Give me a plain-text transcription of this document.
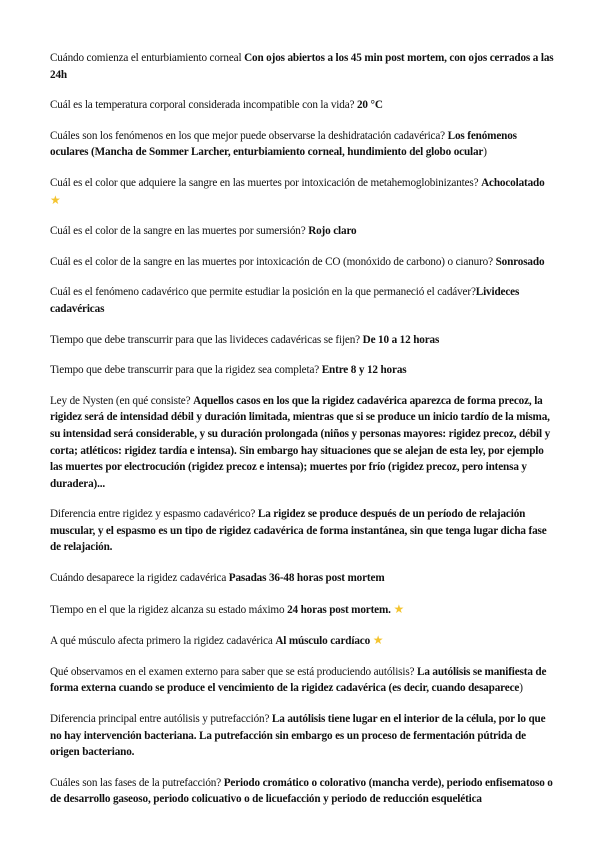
Cuándo comienza el enturbiamiento corneal Con ojos abiertos a los 45 min post mortem, con ojos cerrados a las 24h

Cuál es la temperatura corporal considerada incompatible con la vida? 20 °C

Cuáles son los fenómenos en los que mejor puede observarse la deshidratación cadavérica? Los fenómenos oculares (Mancha de Sommer Larcher, enturbiamiento corneal, hundimiento del globo ocular)

Cuál es el color que adquiere la sangre en las muertes por intoxicación de metahemoglobinizantes? Achocolatado ★

Cuál es el color de la sangre en las muertes por sumersión? Rojo claro

Cuál es el color de la sangre en las muertes por intoxicación de CO (monóxido de carbono) o cianuro? Sonrosado

Cuál es el fenómeno cadavérico que permite estudiar la posición en la que permaneció el cadáver?Livideces cadavéricas

Tiempo que debe transcurrir para que las livideces cadavéricas se fijen? De 10 a 12 horas

Tiempo que debe transcurrir para que la rigidez sea completa? Entre 8 y 12 horas

Ley de Nysten (en qué consiste? Aquellos casos en los que la rigidez cadavérica aparezca de forma precoz, la rigidez será de intensidad débil y duración limitada, mientras que si se produce un inicio tardío de la misma, su intensidad será considerable, y su duración prolongada (niños y personas mayores: rigidez precoz, débil y corta; atléticos: rigidez tardía e intensa). Sin embargo hay situaciones que se alejan de esta ley, por ejemplo las muertes por electrocución (rigidez precoz e intensa); muertes por frío (rigidez precoz, pero intensa y duradera)...

Diferencia entre rigidez y espasmo cadavérico? La rigidez se produce después de un período de relajación muscular, y el espasmo es un tipo de rigidez cadavérica de forma instantánea, sin que tenga lugar dicha fase de relajación.

Cuándo desaparece la rigidez cadavérica Pasadas 36-48 horas post mortem

Tiempo en el que la rigidez alcanza su estado máximo 24 horas post mortem. ★

A qué músculo afecta primero la rigidez cadavérica Al músculo cardíaco ★

Qué observamos en el examen externo para saber que se está produciendo autólisis? La autólisis se manifiesta de forma externa cuando se produce el vencimiento de la rigidez cadavérica (es decir, cuando desaparece)

Diferencia principal entre autólisis y putrefacción? La autólisis tiene lugar en el interior de la célula, por lo que no hay intervención bacteriana. La putrefacción sin embargo es un proceso de fermentación pútrida de origen bacteriano.

Cuáles son las fases de la putrefacción? Periodo cromático o colorativo (mancha verde), periodo enfisematoso o de desarrollo gaseoso, periodo colicuativo o de licuefacción y periodo de reducción esquelética
